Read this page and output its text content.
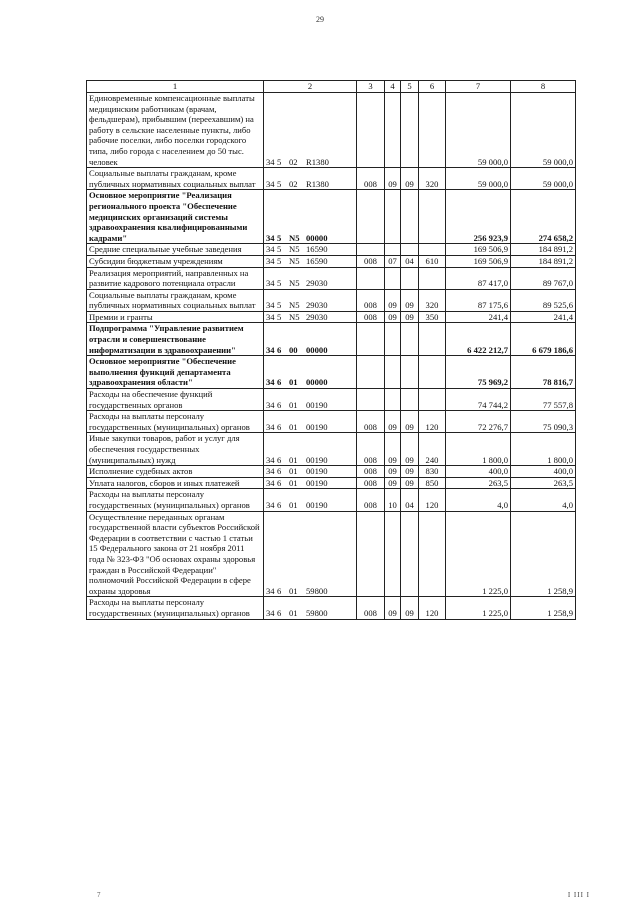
29
1	2	3	4	5	6	7	8
Единовременные компенсационные выплаты медицинским работникам (врачам, фельдшерам), прибывшим (переехавшим) на работу в сельские населенные пункты, либо рабочие поселки, либо поселки городского типа, либо города с населением до 50 тыс. человек	34 5 02 R1380					59 000,0	59 000,0
Социальные выплаты гражданам, кроме публичных нормативных социальных выплат	34 5 02 R1380	008	09	09	320	59 000,0	59 000,0
Основное мероприятие "Реализация регионального проекта "Обеспечение медицинских организаций системы здравоохранения квалифицированными кадрами"	34 5 N5 00000					256 923,9	274 658,2
Средние специальные учебные заведения	34 5 N5 16590					169 506,9	184 891,2
Субсидии бюджетным учреждениям	34 5 N5 16590	008	07	04	610	169 506,9	184 891,2
Реализация мероприятий, направленных на развитие кадрового потенциала отрасли	34 5 N5 29030					87 417,0	89 767,0
Социальные выплаты гражданам, кроме публичных нормативных социальных выплат	34 5 N5 29030	008	09	09	320	87 175,6	89 525,6
Премии и гранты	34 5 N5 29030	008	09	09	350	241,4	241,4
Подпрограмма "Управление развитием отрасли и совершенствование информатизации в здравоохранении"	34 6 00 00000					6 422 212,7	6 679 186,6
Основное мероприятие "Обеспечение выполнения функций департамента здравоохранения области"	34 6 01 00000					75 969,2	78 816,7
Расходы на обеспечение функций государственных органов	34 6 01 00190					74 744,2	77 557,8
Расходы на выплаты персоналу государственных (муниципальных) органов	34 6 01 00190	008	09	09	120	72 276,7	75 090,3
Иные закупки товаров, работ и услуг для обеспечения государственных (муниципальных) нужд	34 6 01 00190	008	09	09	240	1 800,0	1 800,0
Исполнение судебных актов	34 6 01 00190	008	09	09	830	400,0	400,0
Уплата налогов, сборов и иных платежей	34 6 01 00190	008	09	09	850	263,5	263,5
Расходы на выплаты персоналу государственных (муниципальных) органов	34 6 01 00190	008	10	04	120	4,0	4,0
Осуществление переданных органам государственной власти субъектов Российской Федерации в соответствии с частью 1 статьи 15 Федерального закона от 21 ноября 2011 года № 323-ФЗ "Об основах охраны здоровья граждан в Российской Федерации" полномочий Российской Федерации в сфере охраны здоровья	34 6 01 59800					1 225,0	1 258,9
Расходы на выплаты персоналу государственных (муниципальных) органов	34 6 01 59800	008	09	09	120	1 225,0	1 258,9
7	I III I
